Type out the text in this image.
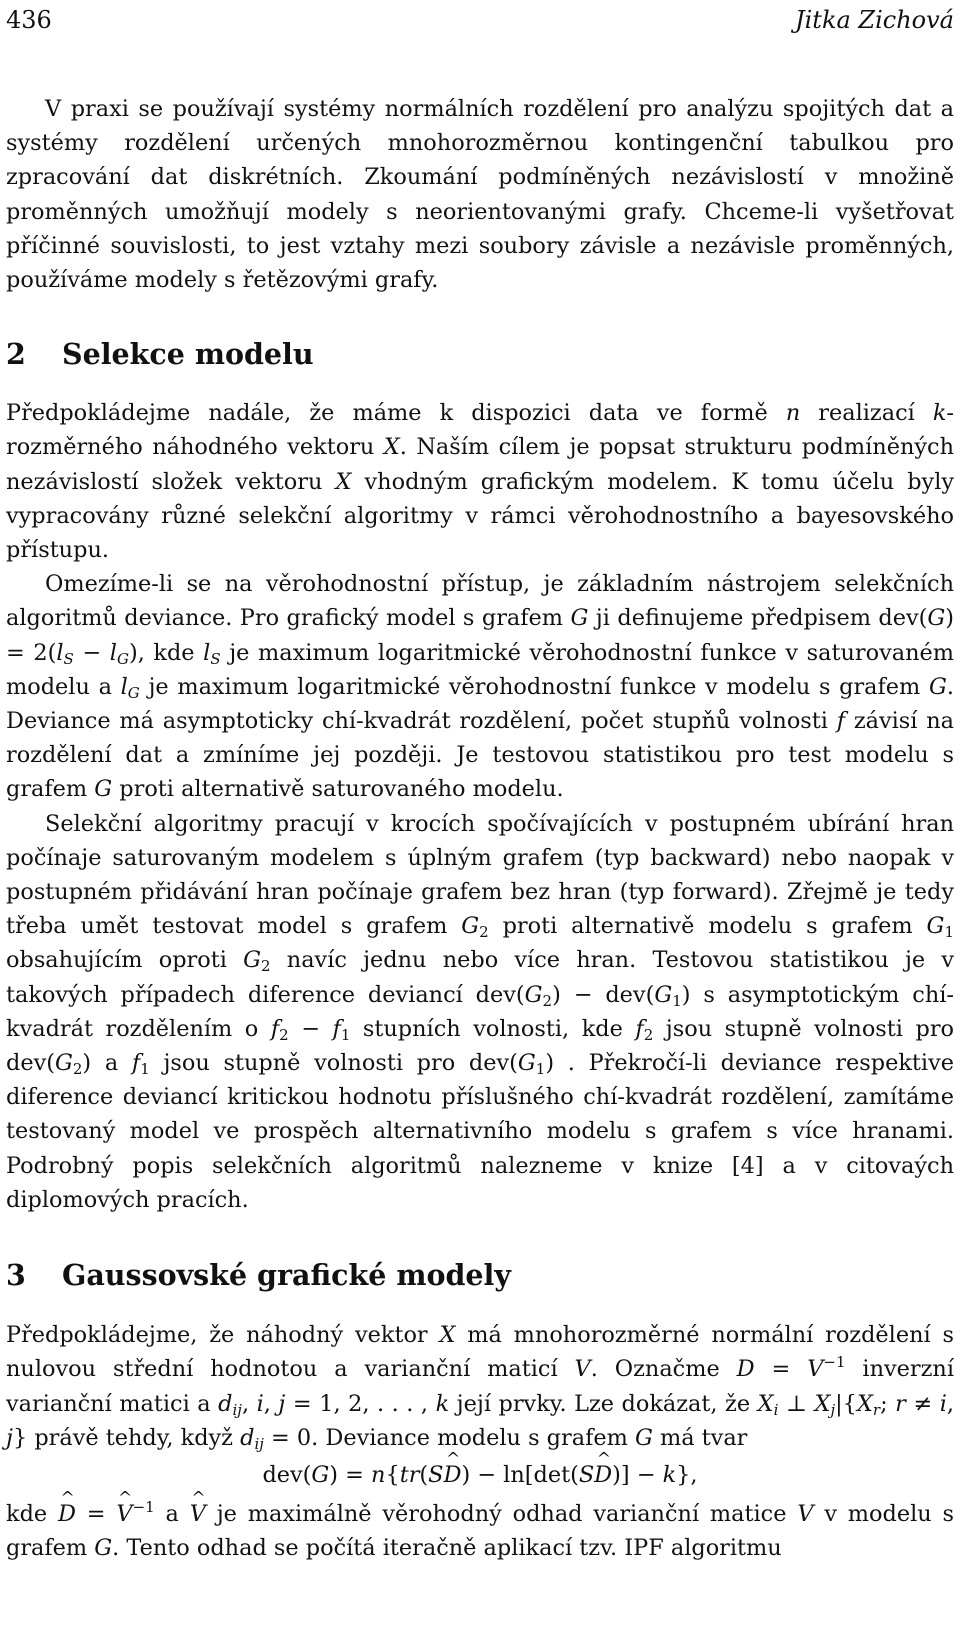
436	Jitka Zichová

V praxi se používají systémy normálních rozdělení pro analýzu spojitých dat a systémy rozdělení určených mnohorozměrnou kontingenční tabulkou pro zpracování dat diskrétních. Zkoumání podmíněných nezávislostí v množině proměnných umožňují modely s neorientovanými grafy. Chceme-li vyšetřovat příčinné souvislosti, to jest vztahy mezi soubory závisle a nezávisle proměnných, používáme modely s řetězovými grafy.

2 Selekce modelu

Předpokládejme nadále, že máme k dispozici data ve formě n realizací k-rozměrného náhodného vektoru X. Naším cílem je popsat strukturu podmíněných nezávislostí složek vektoru X vhodným grafickým modelem. K tomu účelu byly vypracovány různé selekční algoritmy v rámci věrohodnostního a bayesovského přístupu.

Omezíme-li se na věrohodnostní přístup, je základním nástrojem selekčních algoritmů deviance. Pro grafický model s grafem G ji definujeme předpisem $dev(G) = 2(l_S - l_G)$, kde $l_S$ je maximum logaritmické věrohodnostní funkce v saturovaném modelu a $l_G$ je maximum logaritmické věrohodnostní funkce v modelu s grafem G. Deviance má asymptoticky chí-kvadrát rozdělení, počet stupňů volnosti f závisí na rozdělení dat a zmíníme jej později. Je testovou statistikou pro test modelu s grafem G proti alternativě saturovaného modelu.

Selekční algoritmy pracují v krocích spočívajících v postupném ubírání hran počínaje saturovaným modelem s úplným grafem (typ backward) nebo naopak v postupném přidávání hran počínaje grafem bez hran (typ forward). Zřejmě je tedy třeba umět testovat model s grafem $G_2$ proti alternativě modelu s grafem $G_1$ obsahujícím oproti $G_2$ navíc jednu nebo více hran. Testovou statistikou je v takových případech diference deviancí $dev(G_2) - dev(G_1)$ s asymptotickým chí-kvadrát rozdělením o $f_2 - f_1$ stupních volnosti, kde $f_2$ jsou stupně volnosti pro $dev(G_2)$ a $f_1$ jsou stupně volnosti pro $dev(G_1)$ . Překročí-li deviance respektive diference deviancí kritickou hodnotu příslušného chí-kvadrát rozdělení, zamítáme testovaný model ve prospěch alternativního modelu s grafem s více hranami. Podrobný popis selekčních algoritmů nalezneme v knize [4] a v citovaých diplomových pracích.

3 Gaussovské grafické modely

Předpokládejme, že náhodný vektor X má mnohorozměrné normální rozdělení s nulovou střední hodnotou a varianční maticí V. Označme $D = V^{-1}$ inverzní varianční matici a $d_{ij}$, i, j = 1, 2, . . . , k její prvky. Lze dokázat, že $X_i$ ⊥ $X_j|\{X_r$; r ≠ i, j} právě tehdy, když $d_{ij} = 0$. Deviance modelu s grafem G má tvar

dev(G) = n{tr(S^ D) − ln[det(S^ D)] − k},

kde ^ D = ^ $V^{-1}$ a ^ V je maximálně věrohodný odhad varianční matice V v modelu s grafem G. Tento odhad se počítá iteračně aplikací tzv. IPF algoritmu
